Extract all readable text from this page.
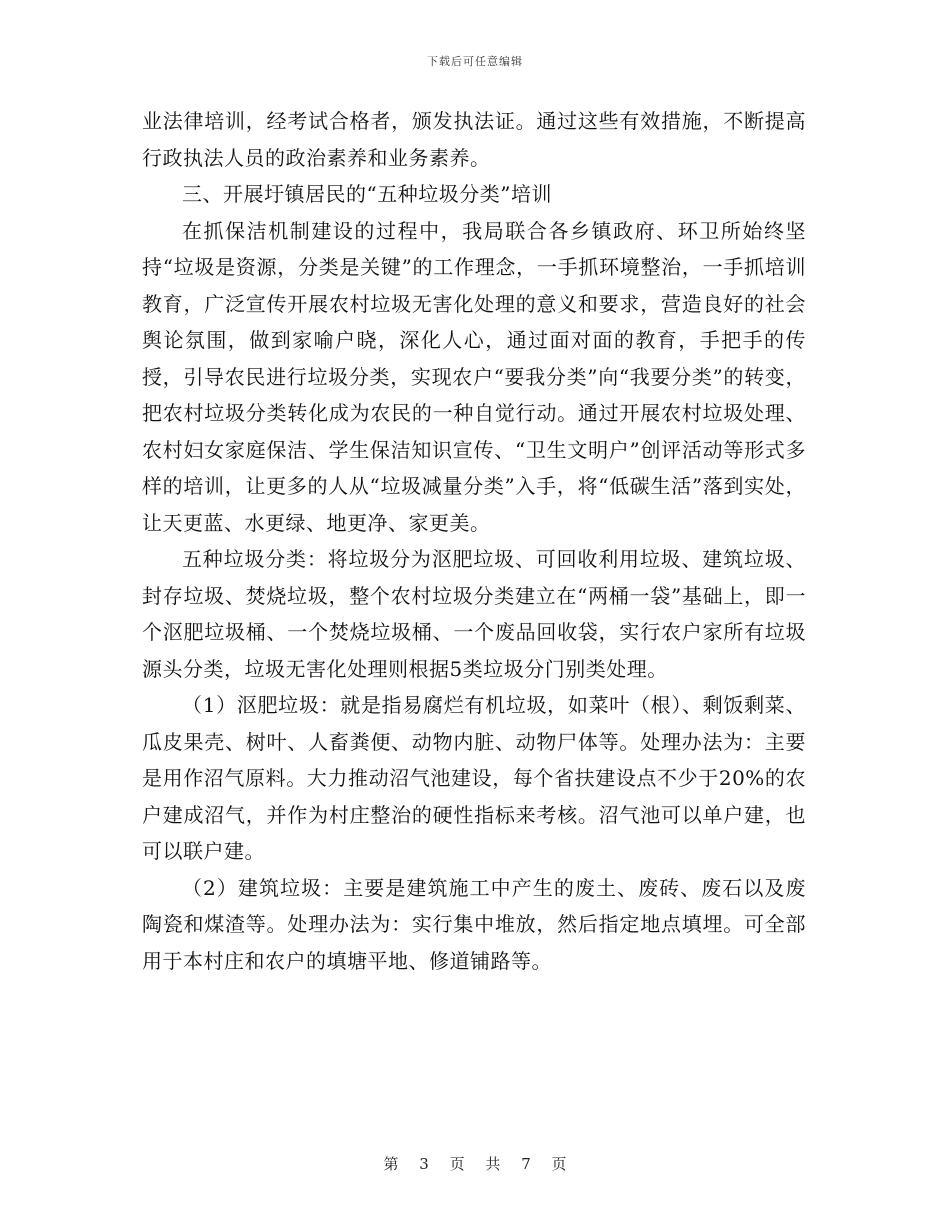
下载后可任意编辑

业法律培训，经考试合格者，颁发执法证。通过这些有效措施，不断提高行政执法人员的政治素养和业务素养。

三、开展圩镇居民的“五种垃圾分类”培训

在抓保洁机制建设的过程中，我局联合各乡镇政府、环卫所始终坚持“垃圾是资源，分类是关键”的工作理念，一手抓环境整治，一手抓培训教育，广泛宣传开展农村垃圾无害化处理的意义和要求，营造良好的社会舆论氛围，做到家喻户晓，深化人心，通过面对面的教育，手把手的传授，引导农民进行垃圾分类，实现农户“要我分类”向“我要分类”的转变，把农村垃圾分类转化成为农民的一种自觉行动。通过开展农村垃圾处理、农村妇女家庭保洁、学生保洁知识宣传、“卫生文明户”创评活动等形式多样的培训，让更多的人从“垃圾减量分类”入手，将“低碳生活”落到实处，让天更蓝、水更绿、地更净、家更美。

五种垃圾分类：将垃圾分为沤肥垃圾、可回收利用垃圾、建筑垃圾、封存垃圾、焚烧垃圾，整个农村垃圾分类建立在“两桶一袋”基础上，即一个沤肥垃圾桶、一个焚烧垃圾桶、一个废品回收袋，实行农户家所有垃圾源头分类，垃圾无害化处理则根据5类垃圾分门别类处理。

（1）沤肥垃圾：就是指易腐烂有机垃圾，如菜叶（根）、剩饭剩菜、瓜皮果壳、树叶、人畜粪便、动物内脏、动物尸体等。处理办法为：主要是用作沼气原料。大力推动沼气池建设，每个省扶建设点不少于20%的农户建成沼气，并作为村庄整治的硬性指标来考核。沼气池可以单户建，也可以联户建。

（2）建筑垃圾：主要是建筑施工中产生的废土、废砖、废石以及废陶瓷和煤渣等。处理办法为：实行集中堆放，然后指定地点填埋。可全部用于本村庄和农户的填塘平地、修道铺路等。

第 3 页 共 7 页
